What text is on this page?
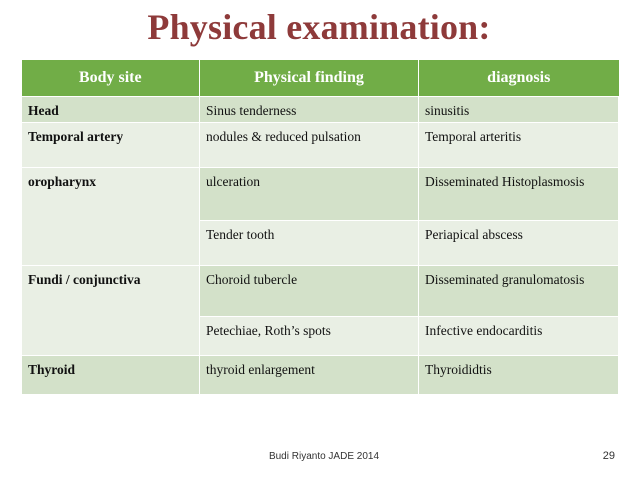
Physical examination:
Body site	Physical finding	diagnosis
Head	Sinus tenderness	sinusitis
Temporal artery	nodules & reduced pulsation	Temporal arteritis
oropharynx	ulceration	Disseminated Histoplasmosis
	Tender tooth	Periapical abscess
Fundi / conjunctiva	Choroid tubercle	Disseminated granulomatosis
	Petechiae, Roth’s spots	Infective endocarditis
Thyroid	thyroid enlargement	Thyroididtis
Budi Riyanto JADE 2014	29
